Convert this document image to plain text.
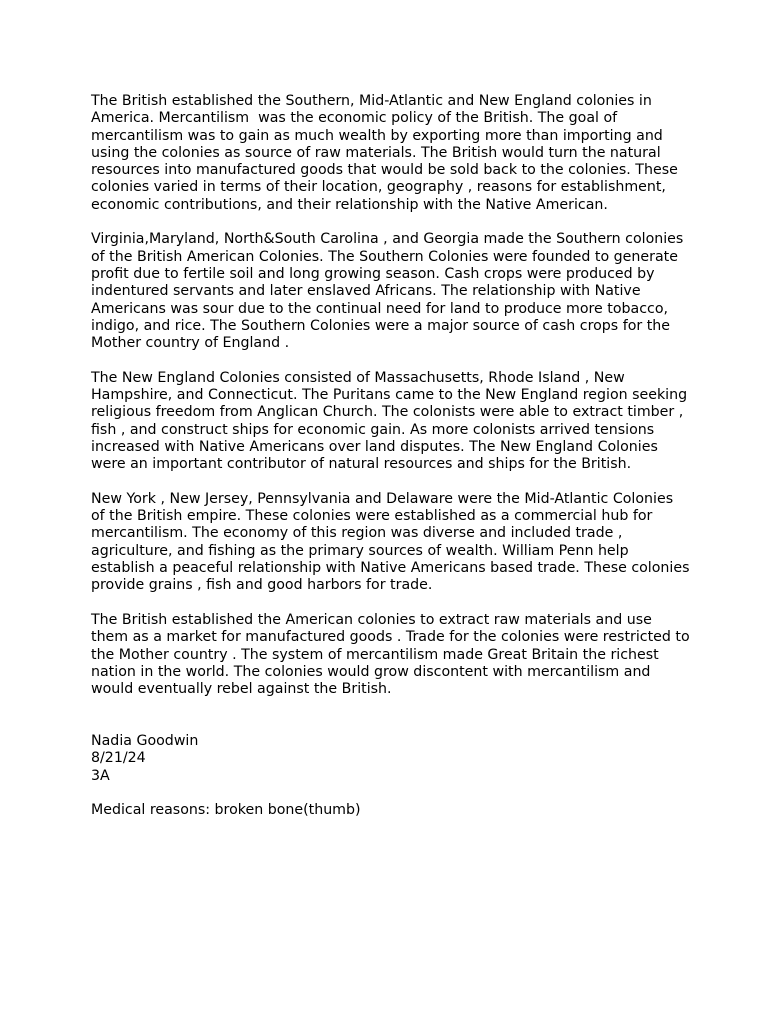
The British established the Southern, Mid-Atlantic and New England colonies in America. Mercantilism  was the economic policy of the British. The goal of mercantilism was to gain as much wealth by exporting more than importing and using the colonies as source of raw materials. The British would turn the natural resources into manufactured goods that would be sold back to the colonies. These colonies varied in terms of their location, geography , reasons for establishment, economic contributions, and their relationship with the Native American.

Virginia,Maryland, North&South Carolina , and Georgia made the Southern colonies of the British American Colonies. The Southern Colonies were founded to generate profit due to fertile soil and long growing season. Cash crops were produced by indentured servants and later enslaved Africans. The relationship with Native Americans was sour due to the continual need for land to produce more tobacco, indigo, and rice. The Southern Colonies were a major source of cash crops for the Mother country of England .

The New England Colonies consisted of Massachusetts, Rhode Island , New Hampshire, and Connecticut. The Puritans came to the New England region seeking religious freedom from Anglican Church. The colonists were able to extract timber , fish , and construct ships for economic gain. As more colonists arrived tensions increased with Native Americans over land disputes. The New England Colonies were an important contributor of natural resources and ships for the British.

New York , New Jersey, Pennsylvania and Delaware were the Mid-Atlantic Colonies of the British empire. These colonies were established as a commercial hub for mercantilism. The economy of this region was diverse and included trade , agriculture, and fishing as the primary sources of wealth. William Penn help establish a peaceful relationship with Native Americans based trade. These colonies provide grains , fish and good harbors for trade.

The British established the American colonies to extract raw materials and use them as a market for manufactured goods . Trade for the colonies were restricted to the Mother country . The system of mercantilism made Great Britain the richest nation in the world. The colonies would grow discontent with mercantilism and would eventually rebel against the British.

Nadia Goodwin

8/21/24

3A

Medical reasons: broken bone(thumb)
